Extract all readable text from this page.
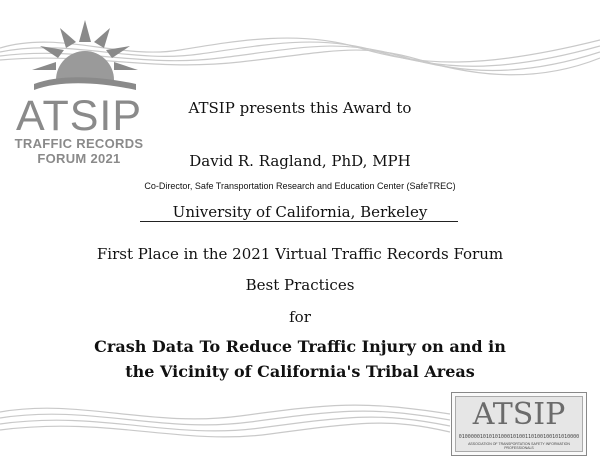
ATSIP
TRAFFIC RECORDS
FORUM 2021
ATSIP presents this Award to
David R. Ragland, PhD, MPH
Co-Director, Safe Transportation Research and Education Center (SafeTREC)
University of California, Berkeley
First Place in the 2021 Virtual Traffic Records Forum
Best Practices
for
Crash Data To Reduce Traffic Injury on and in
the Vicinity of California's Tribal Areas
ATSIP
0100000101010100010100110100100101010000
ASSOCIATION OF TRANSPORTATION SAFETY INFORMATION PROFESSIONALS
